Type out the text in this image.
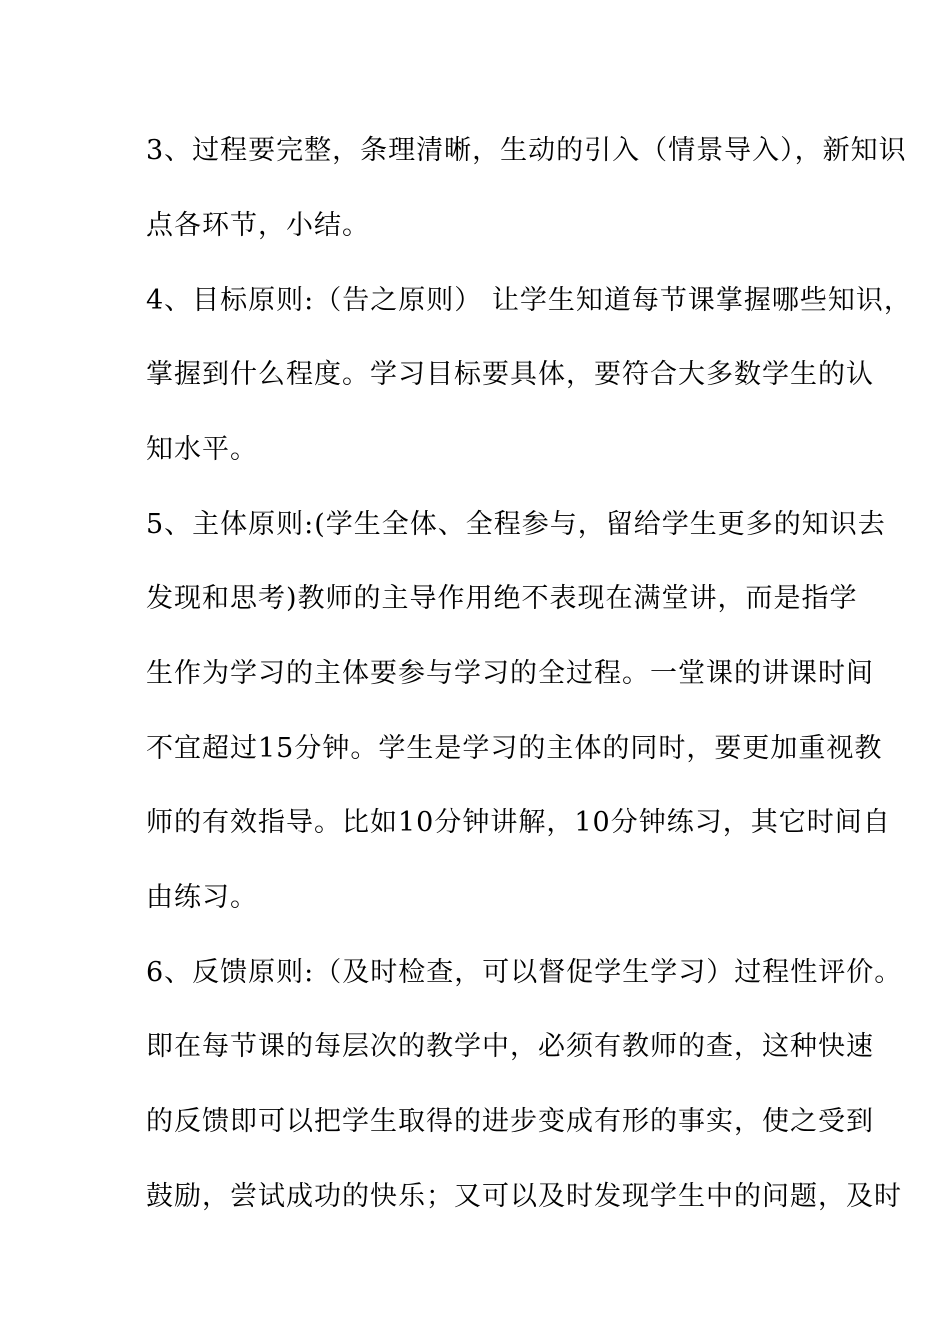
3、过程要完整，条理清晰，生动的引入（情景导入），新知识
点各环节，小结。
4、目标原则:（告之原则） 让学生知道每节课掌握哪些知识，
掌握到什么程度。学习目标要具体，要符合大多数学生的认
知水平。
5、主体原则:(学生全体、全程参与，留给学生更多的知识去
发现和思考)教师的主导作用绝不表现在满堂讲，而是指学
生作为学习的主体要参与学习的全过程。一堂课的讲课时间
不宜超过15分钟。学生是学习的主体的同时，要更加重视教
师的有效指导。比如10分钟讲解，10分钟练习，其它时间自
由练习。
6、反馈原则:（及时检查，可以督促学生学习）过程性评价。
即在每节课的每层次的教学中，必须有教师的查，这种快速
的反馈即可以把学生取得的进步变成有形的事实，使之受到
鼓励，尝试成功的快乐；又可以及时发现学生中的问题，及时
